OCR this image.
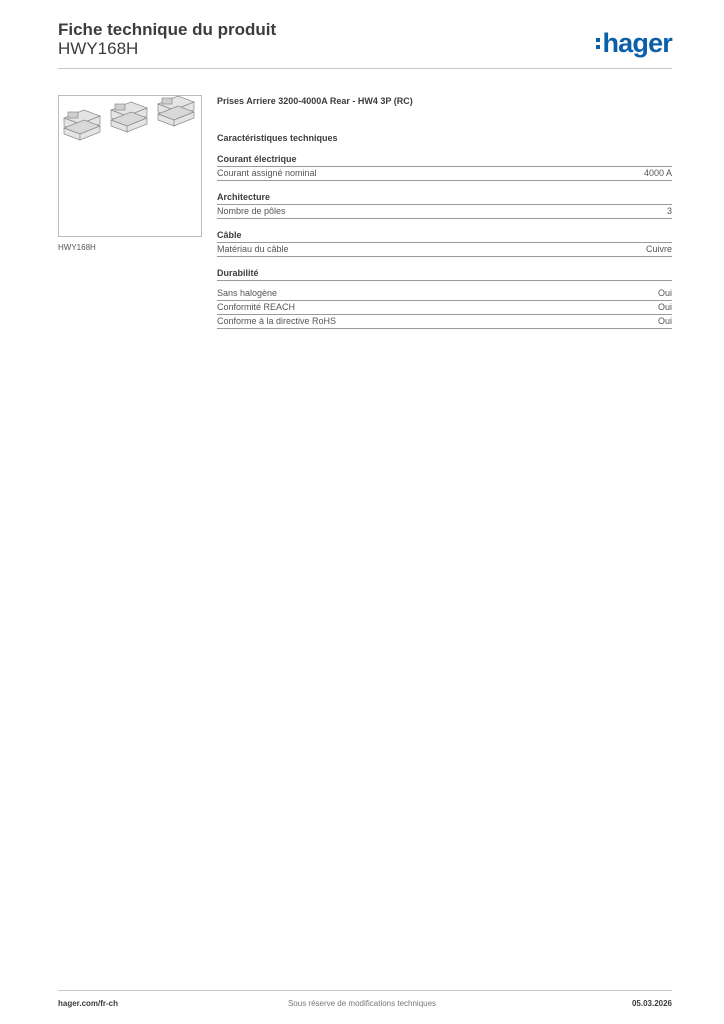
Fiche technique du produit
HWY168H	hager
HWY168H
Prises Arriere 3200-4000A Rear - HW4 3P (RC)
Caractéristiques techniques
Courant électrique
Courant assigné nominal	4000 A
Architecture
Nombre de pôles	3
Câble
Matériau du câble	Cuivre
Durabilité
Sans halogène	Oui
Conformité REACH	Oui
Conforme à la directive RoHS	Oui
hager.com/fr-ch	Sous réserve de modifications techniques	05.03.2026
